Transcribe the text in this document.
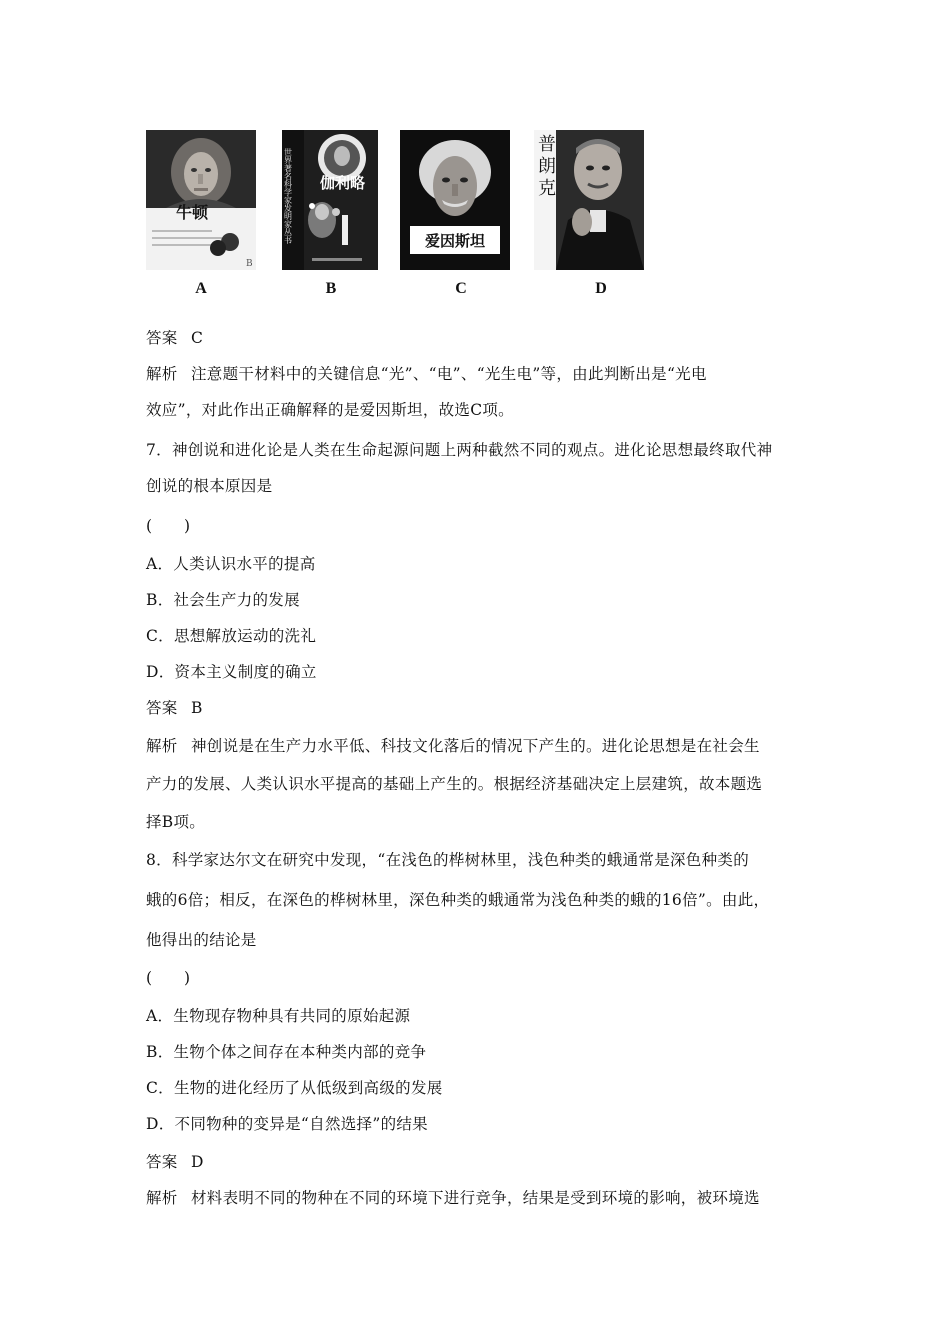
牛顿
B
A
世界著名科学家发明家丛书 伽利略
B
爱因斯坦
C
普
朗
克
D
答案 C
解析 注意题干材料中的关键信息“光”、“电”、“光生电”等，由此判断出是“光电
效应”，对此作出正确解释的是爱因斯坦，故选C项。
7．神创说和进化论是人类在生命起源问题上两种截然不同的观点。进化论思想最终取代神
创说的根本原因是
(　　)
A．人类认识水平的提高
B．社会生产力的发展
C．思想解放运动的洗礼
D．资本主义制度的确立
答案 B
解析 神创说是在生产力水平低、科技文化落后的情况下产生的。进化论思想是在社会生
产力的发展、人类认识水平提高的基础上产生的。根据经济基础决定上层建筑，故本题选
择B项。
8．科学家达尔文在研究中发现，“在浅色的桦树林里，浅色种类的蛾通常是深色种类的
蛾的6倍；相反，在深色的桦树林里，深色种类的蛾通常为浅色种类的蛾的16倍”。由此，
他得出的结论是
(　　)
A．生物现存物种具有共同的原始起源
B．生物个体之间存在本种类内部的竞争
C．生物的进化经历了从低级到高级的发展
D．不同物种的变异是“自然选择”的结果
答案 D
解析 材料表明不同的物种在不同的环境下进行竞争，结果是受到环境的影响，被环境选
